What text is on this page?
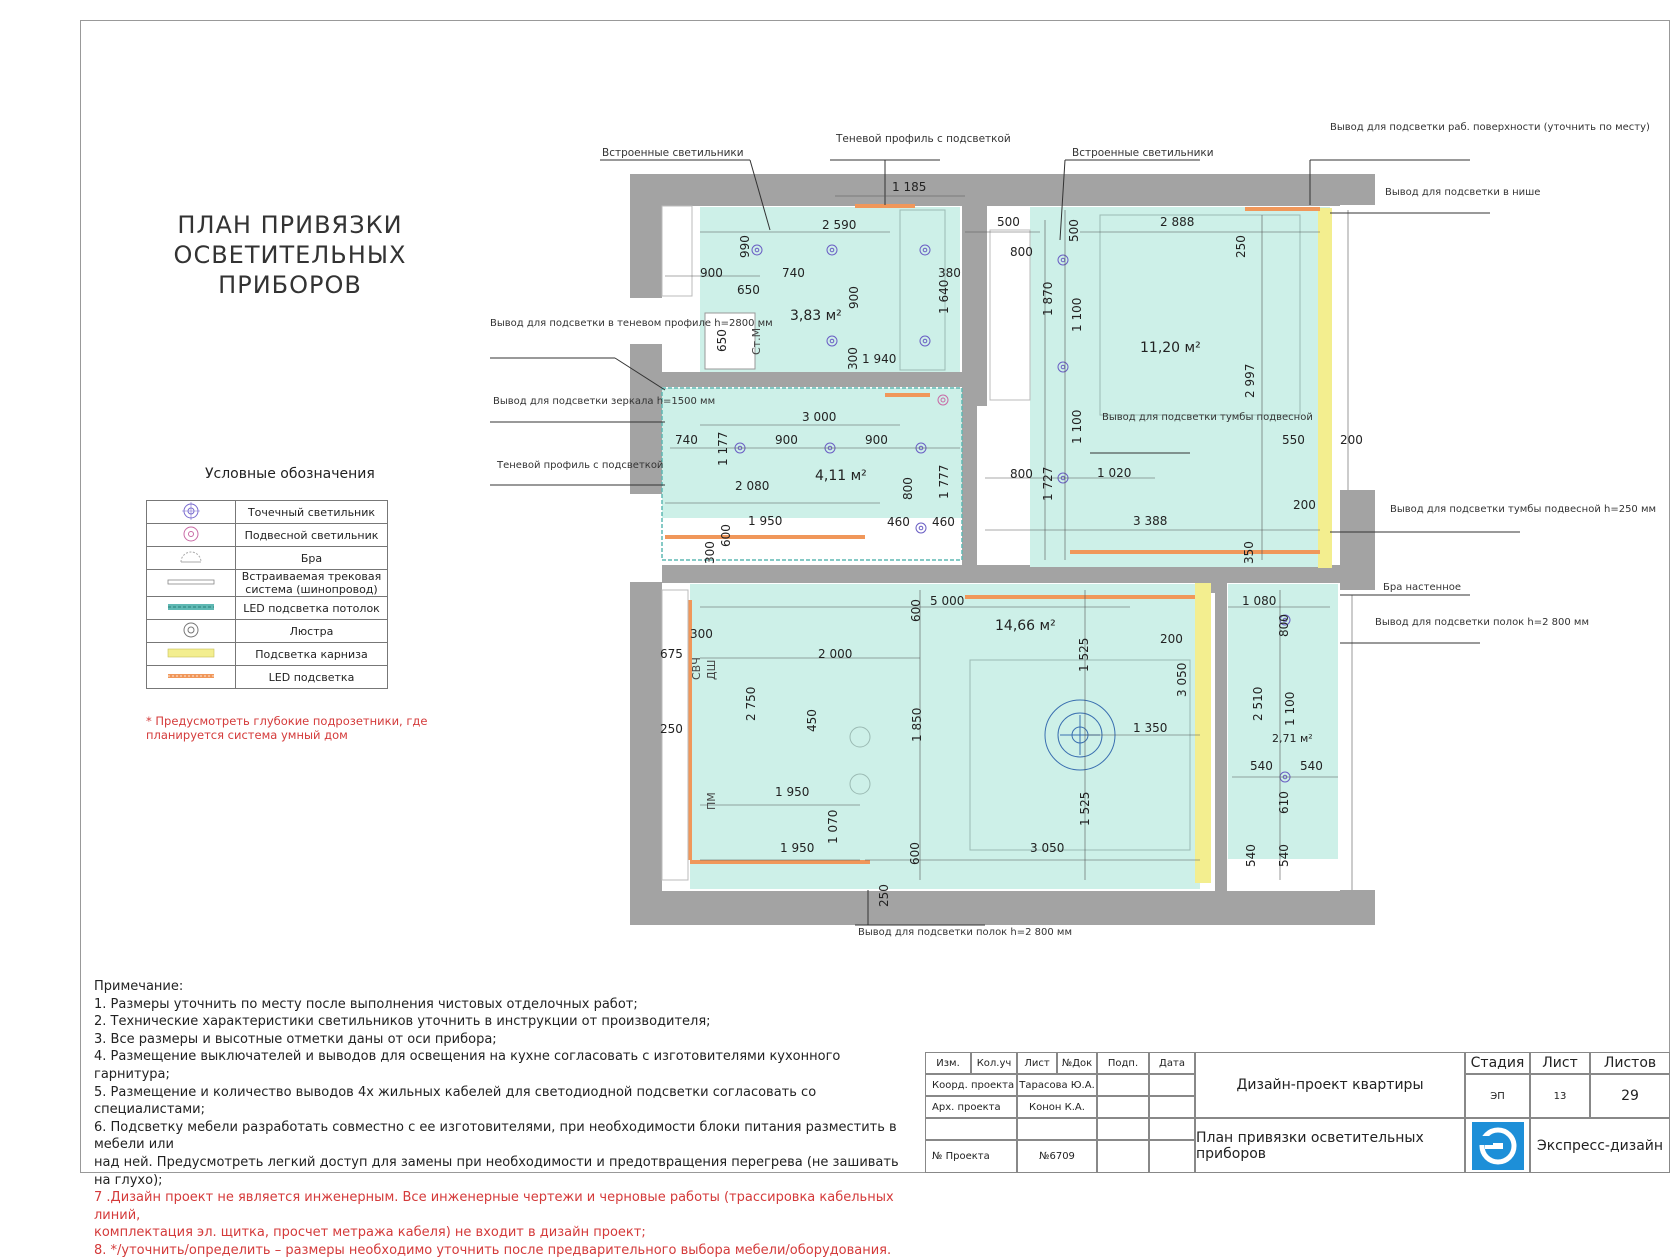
ПЛАН ПРИВЯЗКИ
ОСВЕТИТЕЛЬНЫХ ПРИБОРОВ
Условные обозначения
	Точечный светильник
	Подвесной светильник
	Бра
	Встраиваемая трековая система (шинопровод)
	LED подсветка потолок
	Люстра
	Подсветка карниза
	LED подсветка
* Предусмотреть глубокие подрозетники, где планируется система умный дом
3,83 м²
4,11 м²
11,20 м²
14,66 м²
2,71 м²
Ст.М.
СВЧ ДШ
ПМ
Встроенные светильники
Теневой профиль с подсветкой
Встроенные светильники
Вывод для подсветки раб. поверхности (уточнить по месту)
Вывод для подсветки в нише
Вывод для подсветки в теневом профиле h=2800 мм
Вывод для подсветки зеркала h=1500 мм
Теневой профиль с подсветкой
Вывод для подсветки тумбы подвесной
Вывод для подсветки тумбы подвесной h=250 мм
Бра настенное
Вывод для подсветки полок h=2 800 мм
Вывод для подсветки полок h=2 800 мм
1 185
2 590
900
990
740
650
380
1 640
900
650
300 1 940
500	500	2 888
250
800
1 870 1 100
2 997
1 100	550	200
3 000
740	900	900
1 177
1 777
2 080	800
800 1 727	1 020
200
1 950	460 460
600
300
3 388
350
5 000
600	1 080
300
675	2 000
200
800
2 750	450
1 525
3 050
2 510 1 100
250	1 350
1 850
540 540
1 950	610
1 525
1 070
1 950	3 050
600	540 540
250
Примечание:
1. Размеры уточнить по месту после выполнения чистовых отделочных работ;
2. Технические характеристики светильников уточнить в инструкции от производителя;
3. Все размеры и высотные отметки даны от оси прибора;
4. Размещение выключателей и выводов для освещения на кухне согласовать с изготовителями кухонного гарнитура;
5. Размещение и количество выводов 4х жильных кабелей для светодиодной подсветки согласовать со специалистами;
6. Подсветку мебели разработать совместно с ее изготовителями, при необходимости блоки питания разместить в мебели или
над ней. Предусмотреть легкий доступ для замены при необходимости и предотвращения перегрева (не зашивать на глухо);
7 .Дизайн проект не является инженерным. Все инженерные чертежи и черновые работы (трассировка кабельных линий,
комплектация эл. щитка, просчет метража кабеля) не входит в дизайн проект;
8. */уточнить/определить – размеры необходимо уточнить после предварительного выбора мебели/оборудования.
Изм.	Кол.уч	Лист	№Док	Подп.	Дата
Коорд. проекта Тарасова Ю.А.
Арх. проекта	Конон К.А.
№ Проекта	№6709
Дизайн-проект квартиры
План привязки осветительных приборов
Стадия	Лист	Листов
ЭП	13	29
Экспресс-дизайн
